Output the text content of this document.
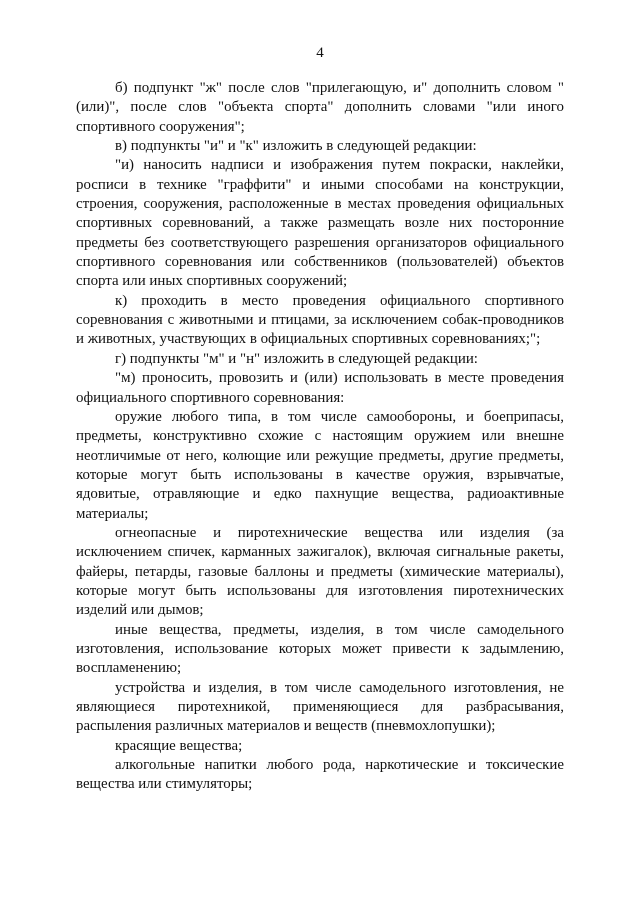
4

б) подпункт "ж" после слов "прилегающую, и" дополнить словом "(или)", после слов "объекта спорта" дополнить словами "или иного спортивного сооружения";

в) подпункты "и" и "к" изложить в следующей редакции:

"и) наносить надписи и изображения путем покраски, наклейки, росписи в технике "граффити" и иными способами на конструкции, строения, сооружения, расположенные в местах проведения официальных спортивных соревнований, а также размещать возле них посторонние предметы без соответствующего разрешения организаторов официального спортивного соревнования или собственников (пользователей) объектов спорта или иных спортивных сооружений;

к) проходить в место проведения официального спортивного соревнования с животными и птицами, за исключением собак-проводников и животных, участвующих в официальных спортивных соревнованиях;";

г) подпункты "м" и "н" изложить в следующей редакции:

"м) проносить, провозить и (или) использовать в месте проведения официального спортивного соревнования:

оружие любого типа, в том числе самообороны, и боеприпасы, предметы, конструктивно схожие с настоящим оружием или внешне неотличимые от него, колющие или режущие предметы, другие предметы, которые могут быть использованы в качестве оружия, взрывчатые, ядовитые, отравляющие и едко пахнущие вещества, радиоактивные материалы;

огнеопасные и пиротехнические вещества или изделия (за исключением спичек, карманных зажигалок), включая сигнальные ракеты, файеры, петарды, газовые баллоны и предметы (химические материалы), которые могут быть использованы для изготовления пиротехнических изделий или дымов;

иные вещества, предметы, изделия, в том числе самодельного изготовления, использование которых может привести к задымлению, воспламенению;

устройства и изделия, в том числе самодельного изготовления, не являющиеся пиротехникой, применяющиеся для разбрасывания, распыления различных материалов и веществ (пневмохлопушки);

красящие вещества;

алкогольные напитки любого рода, наркотические и токсические вещества или стимуляторы;
